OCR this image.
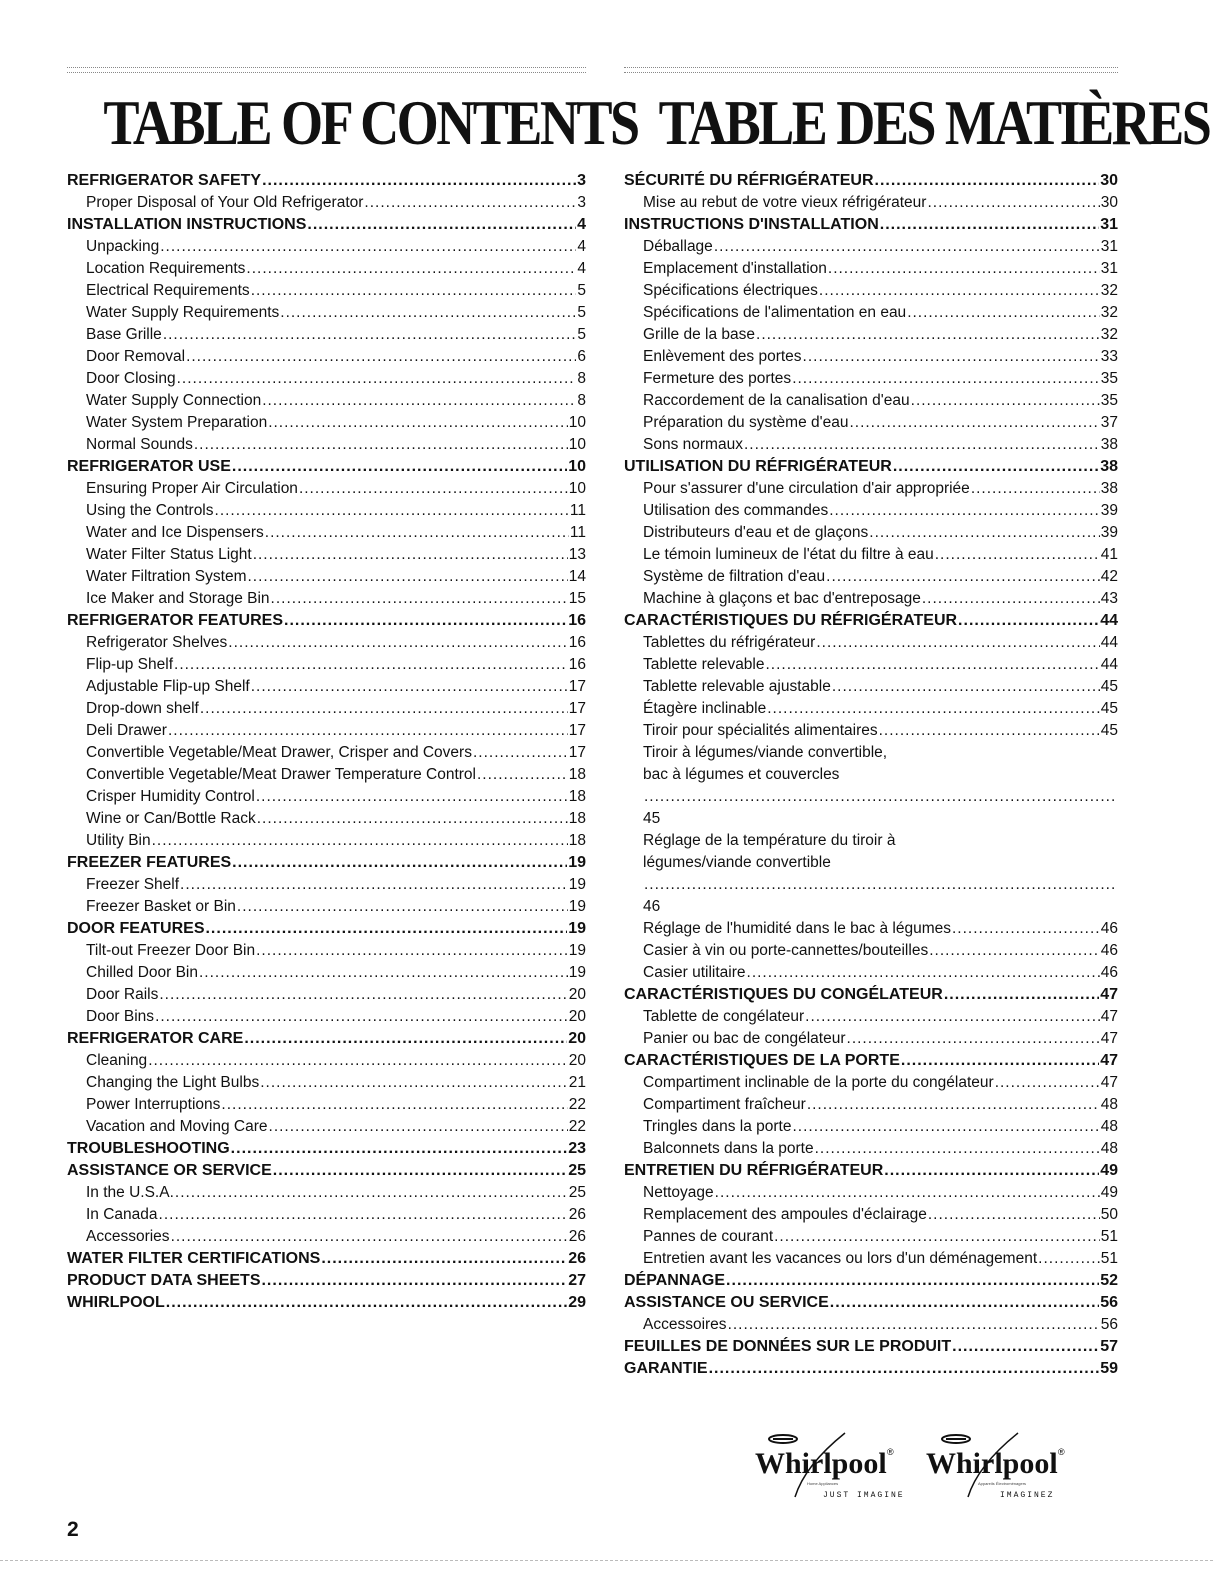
TABLE OF CONTENTS
REFRIGERATOR SAFETY .....	3
Proper Disposal of Your Old Refrigerator .....	3
INSTALLATION INSTRUCTIONS .....	4
Unpacking .....	4
Location Requirements .....	4
Electrical Requirements .....	5
Water Supply Requirements .....	5
Base Grille .....	5
Door Removal .....	6
Door Closing .....	8
Water Supply Connection .....	8
Water System Preparation .....	10
Normal Sounds .....	10
REFRIGERATOR USE .....	10
Ensuring Proper Air Circulation .....	10
Using the Controls .....	11
Water and Ice Dispensers .....	11
Water Filter Status Light .....	13
Water Filtration System .....	14
Ice Maker and Storage Bin .....	15
REFRIGERATOR FEATURES .....	16
Refrigerator Shelves .....	16
Flip-up Shelf .....	16
Adjustable Flip-up Shelf .....	17
Drop-down shelf .....	17
Deli Drawer .....	17
Convertible Vegetable/Meat Drawer, Crisper and Covers .....	17
Convertible Vegetable/Meat Drawer Temperature Control .....	18
Crisper Humidity Control .....	18
Wine or Can/Bottle Rack .....	18
Utility Bin .....	18
FREEZER FEATURES .....	19
Freezer Shelf .....	19
Freezer Basket or Bin .....	19
DOOR FEATURES .....	19
Tilt-out Freezer Door Bin .....	19
Chilled Door Bin .....	19
Door Rails .....	20
Door Bins .....	20
REFRIGERATOR CARE .....	20
Cleaning .....	20
Changing the Light Bulbs .....	21
Power Interruptions .....	22
Vacation and Moving Care .....	22
TROUBLESHOOTING .....	23
ASSISTANCE OR SERVICE .....	25
In the U.S.A. .....	25
In Canada .....	26
Accessories .....	26
WATER FILTER CERTIFICATIONS .....	26
PRODUCT DATA SHEETS .....	27
WHIRLPOOL .....	29
TABLE DES MATIÈRES
SÉCURITÉ DU RÉFRIGÉRATEUR .....	30
Mise au rebut de votre vieux réfrigérateur .....	30
INSTRUCTIONS D'INSTALLATION .....	31
Déballage .....	31
Emplacement d'installation .....	31
Spécifications électriques .....	32
Spécifications de l'alimentation en eau .....	32
Grille de la base .....	32
Enlèvement des portes .....	33
Fermeture des portes .....	35
Raccordement de la canalisation d'eau .....	35
Préparation du système d'eau .....	37
Sons normaux .....	38
UTILISATION DU RÉFRIGÉRATEUR .....	38
Pour s'assurer d'une circulation d'air appropriée .....	38
Utilisation des commandes .....	39
Distributeurs d'eau et de glaçons .....	39
Le témoin lumineux de l'état du filtre à eau .....	41
Système de filtration d'eau .....	42
Machine à glaçons et bac d'entreposage .....	43
CARACTÉRISTIQUES DU RÉFRIGÉRATEUR .....	44
Tablettes du réfrigérateur .....	44
Tablette relevable .....	44
Tablette relevable ajustable .....	45
Étagère inclinable .....	45
Tiroir pour spécialités alimentaires .....	45
Tiroir à légumes/viande convertible,
bac à légumes et couvercles
.....
45
Réglage de la température du tiroir à
légumes/viande convertible
.....
46
Réglage de l'humidité dans le bac à légumes .....	46
Casier à vin ou porte-cannettes/bouteilles .....	46
Casier utilitaire .....	46
CARACTÉRISTIQUES DU CONGÉLATEUR .....	47
Tablette de congélateur .....	47
Panier ou bac de congélateur .....	47
CARACTÉRISTIQUES DE LA PORTE .....	47
Compartiment inclinable de la porte du congélateur .....	47
Compartiment fraîcheur .....	48
Tringles dans la porte .....	48
Balconnets dans la porte .....	48
ENTRETIEN DU RÉFRIGÉRATEUR .....	49
Nettoyage .....	49
Remplacement des ampoules d'éclairage .....	50
Pannes de courant .....	51
Entretien avant les vacances ou lors d'un déménagement .....	51
DÉPANNAGE .....	52
ASSISTANCE OU SERVICE .....	56
Accessoires .....	56
FEUILLES DE DONNÉES SUR LE PRODUIT .....	57
GARANTIE .....	59
Whirlpool ®
Home Appliances
JUST IMAGINE
Whirlpool ®
Appareils Électroménagers
IMAGINEZ
2
